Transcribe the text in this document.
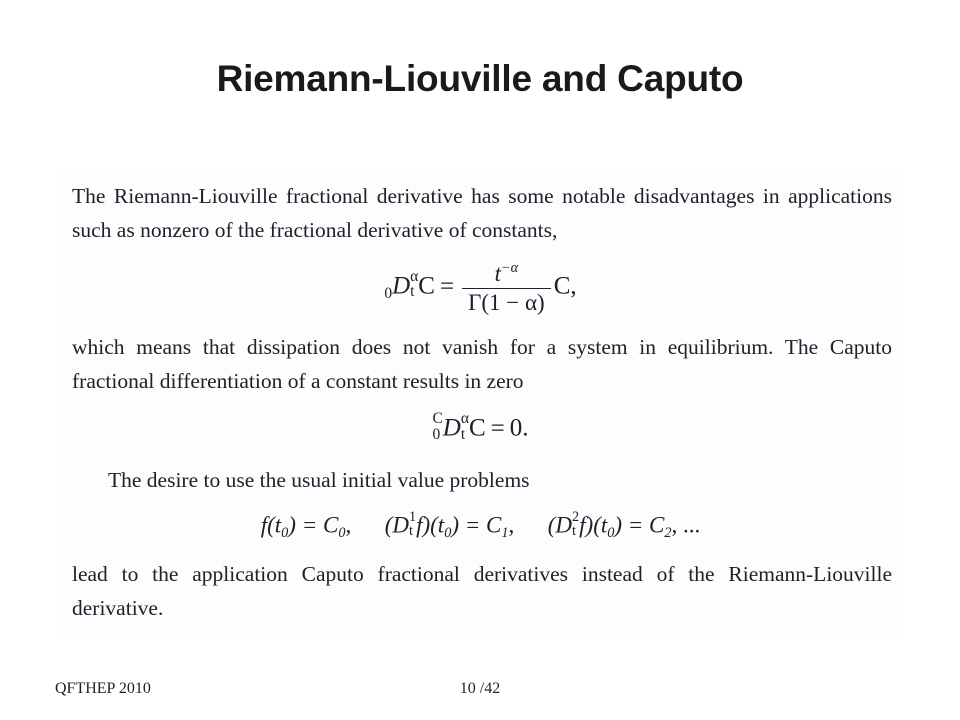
Riemann-Liouville and Caputo
The Riemann-Liouville fractional derivative has some notable disadvantages in applications such as nonzero of the fractional derivative of constants,
0D α
t $C = \frac{t-\alpha}{\Gamma(1 - \alpha)} C$,
which means that dissipation does not vanish for a system in equilibrium. The Caputo fractional differentiation of a constant results in zero
C
0 D α
t C = 0.
The desire to use the usual initial value problems
f(t0) = C0, (D 1
t f)(t0) = C1, (D 2
t f)(t0) = C2, ...
lead to the application Caputo fractional derivatives instead of the Riemann-Liouville derivative.
QFTHEP 2010	10 /42
